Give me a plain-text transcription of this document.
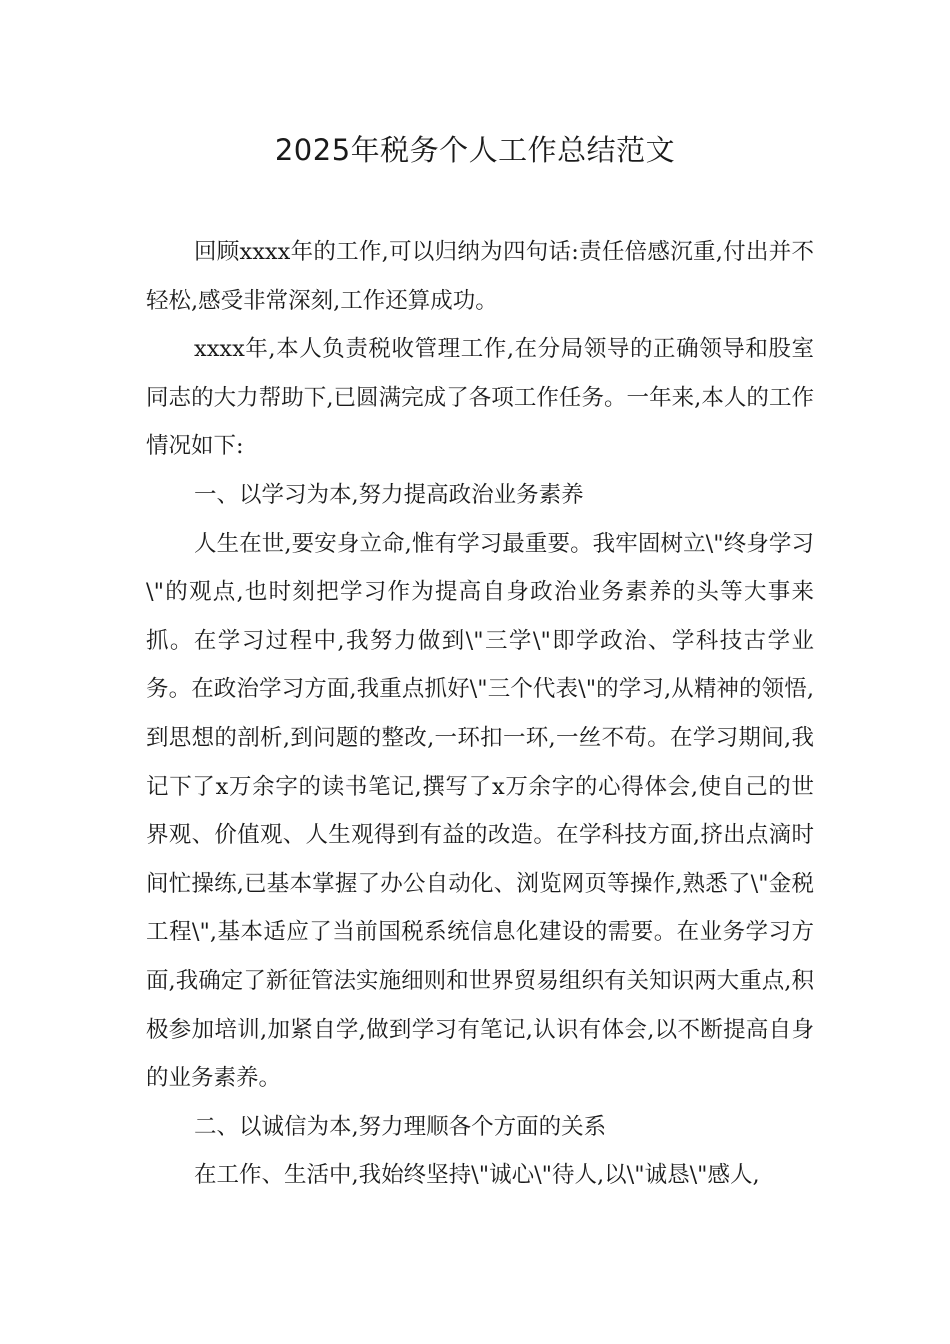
2025年税务个人工作总结范文

回顾xxxx年的工作,可以归纳为四句话:责任倍感沉重,付出并不轻松,感受非常深刻,工作还算成功。

xxxx年,本人负责税收管理工作,在分局领导的正确领导和股室同志的大力帮助下,已圆满完成了各项工作任务。一年来,本人的工作情况如下:

一、以学习为本,努力提高政治业务素养

人生在世,要安身立命,惟有学习最重要。我牢固树立\"终身学习\"的观点,也时刻把学习作为提高自身政治业务素养的头等大事来抓。在学习过程中,我努力做到\"三学\"即学政治、学科技古学业务。在政治学习方面,我重点抓好\"三个代表\"的学习,从精神的领悟,到思想的剖析,到问题的整改,一环扣一环,一丝不苟。在学习期间,我记下了x万余字的读书笔记,撰写了x万余字的心得体会,使自己的世界观、价值观、人生观得到有益的改造。在学科技方面,挤出点滴时间忙操练,已基本掌握了办公自动化、浏览网页等操作,熟悉了\"金税工程\",基本适应了当前国税系统信息化建设的需要。在业务学习方面,我确定了新征管法实施细则和世界贸易组织有关知识两大重点,积极参加培训,加紧自学,做到学习有笔记,认识有体会,以不断提高自身的业务素养。

二、以诚信为本,努力理顺各个方面的关系

在工作、生活中,我始终坚持\"诚心\"待人,以\"诚恳\"感人,
